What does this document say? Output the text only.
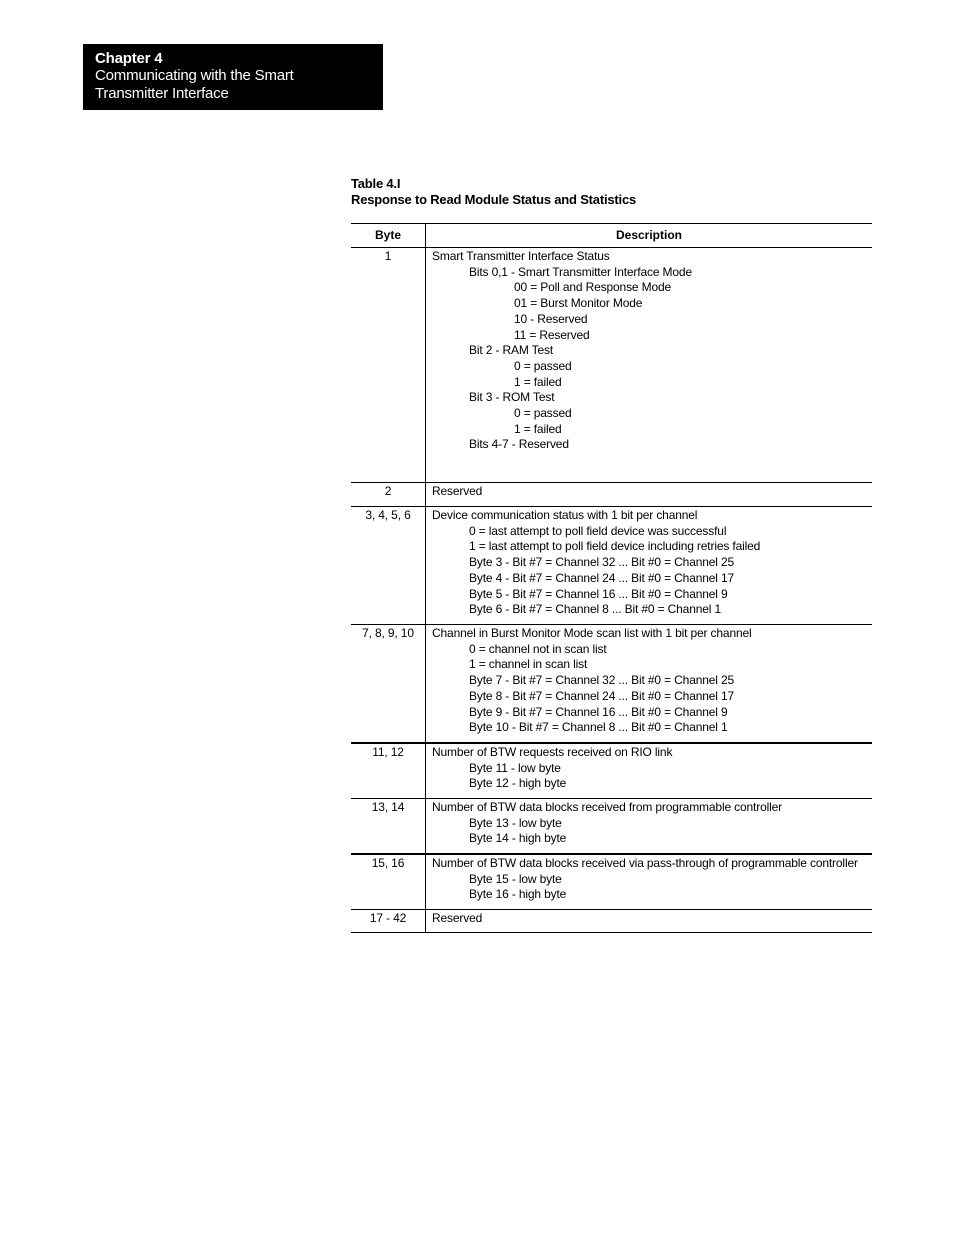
Chapter 4
Communicating with the Smart
Transmitter Interface
Table 4.I
Response to Read Module Status and Statistics
Byte	Description
1	Smart Transmitter Interface Status
Bits 0,1 - Smart Transmitter Interface Mode
00 = Poll and Response Mode
01 = Burst Monitor Mode
10 - Reserved
11 = Reserved
Bit 2 - RAM Test
0 = passed
1 = failed
Bit 3 - ROM Test
0 = passed
1 = failed
Bits 4-7 - Reserved
2	Reserved
3, 4, 5, 6	Device communication status with 1 bit per channel
0 = last attempt to poll field device was successful
1 = last attempt to poll field device including retries failed
Byte 3 - Bit #7 = Channel 32 ... Bit #0 = Channel 25
Byte 4 - Bit #7 = Channel 24 ... Bit #0 = Channel 17
Byte 5 - Bit #7 = Channel 16 ... Bit #0 = Channel 9
Byte 6 - Bit #7 = Channel 8 ... Bit #0 = Channel 1
7, 8, 9, 10	Channel in Burst Monitor Mode scan list with 1 bit per channel
0 = channel not in scan list
1 = channel in scan list
Byte 7 - Bit #7 = Channel 32 ... Bit #0 = Channel 25
Byte 8 - Bit #7 = Channel 24 ... Bit #0 = Channel 17
Byte 9 - Bit #7 = Channel 16 ... Bit #0 = Channel 9
Byte 10 - Bit #7 = Channel 8 ... Bit #0 = Channel 1
11, 12	Number of BTW requests received on RIO link
Byte 11 - low byte
Byte 12 - high byte
13, 14	Number of BTW data blocks received from programmable controller
Byte 13 - low byte
Byte 14 - high byte
15, 16	Number of BTW data blocks received via pass-through of programmable controller
Byte 15 - low byte
Byte 16 - high byte
17 - 42	Reserved
